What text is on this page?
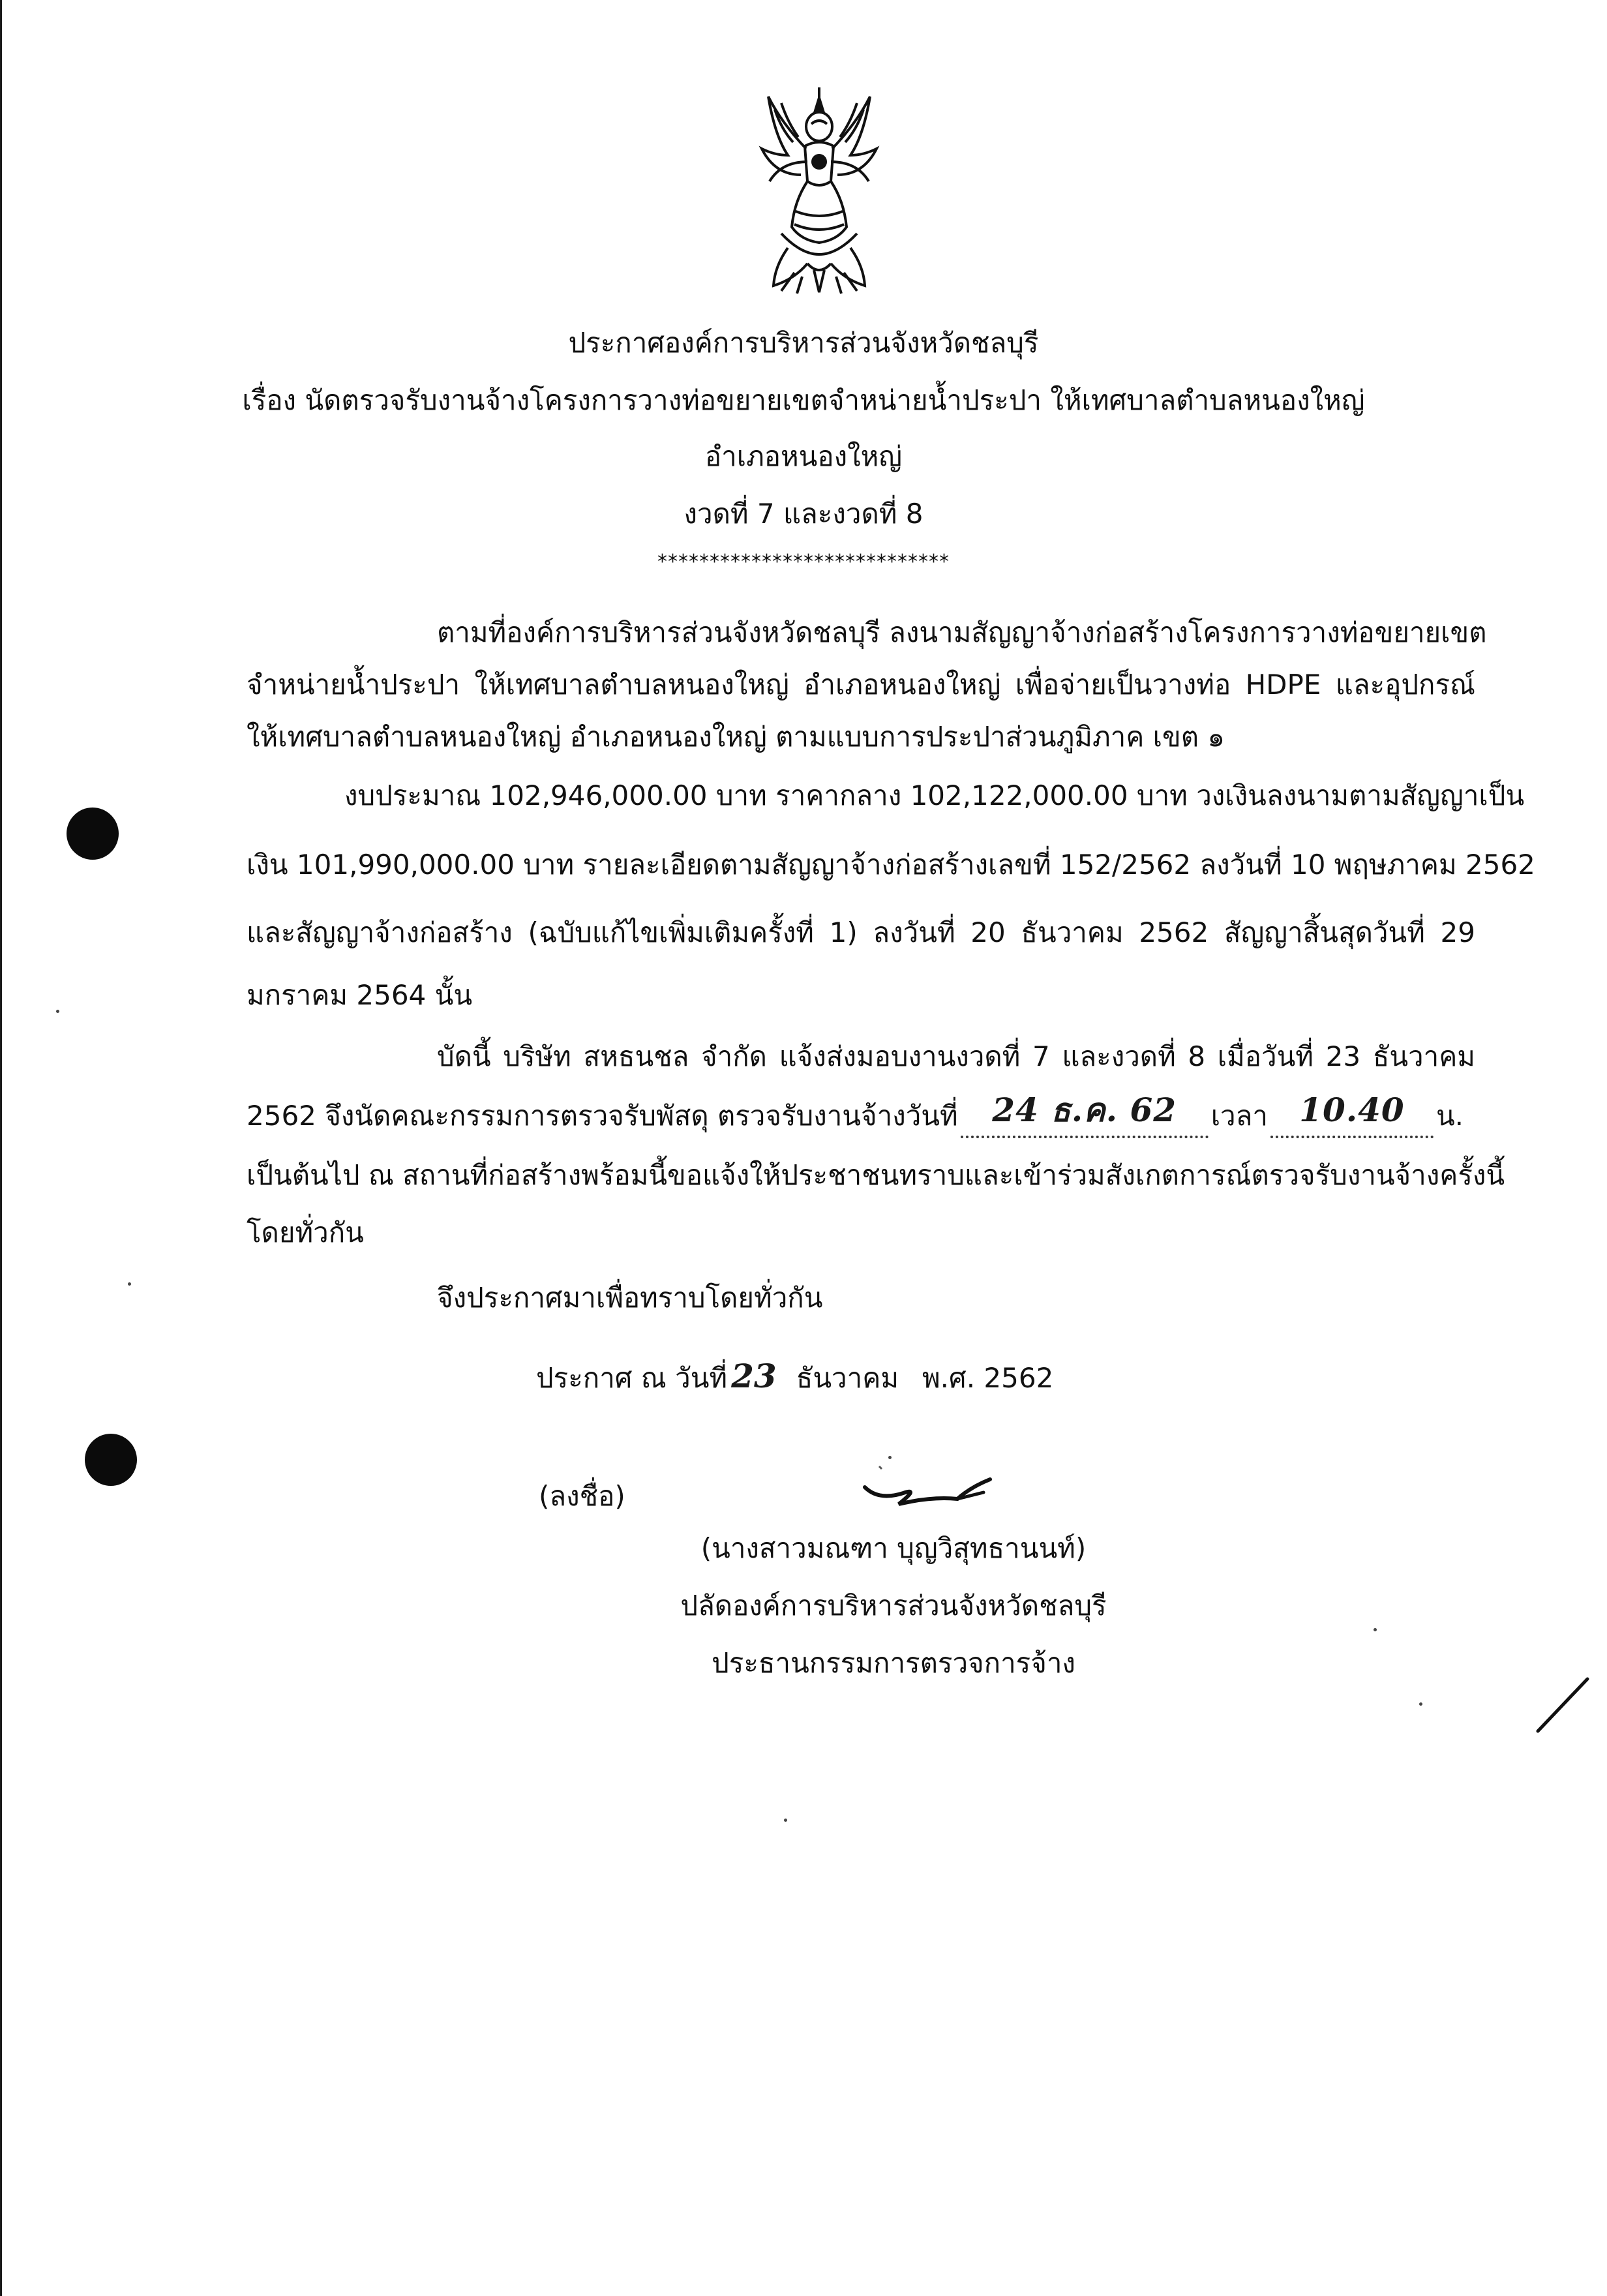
ประกาศองค์การบริหารส่วนจังหวัดชลบุรี
เรื่อง นัดตรวจรับงานจ้างโครงการวางท่อขยายเขตจำหน่ายน้ำประปา ให้เทศบาลตำบลหนองใหญ่
อำเภอหนองใหญ่
งวดที่ 7 และงวดที่ 8
****************************
ตามที่องค์การบริหารส่วนจังหวัดชลบุรี ลงนามสัญญาจ้างก่อสร้างโครงการวางท่อขยายเขต
จำหน่ายน้ำประปา ให้เทศบาลตำบลหนองใหญ่ อำเภอหนองใหญ่ เพื่อจ่ายเป็นวางท่อ HDPE และอุปกรณ์
ให้เทศบาลตำบลหนองใหญ่ อำเภอหนองใหญ่ ตามแบบการประปาส่วนภูมิภาค เขต ๑
งบประมาณ 102,946,000.00 บาท ราคากลาง 102,122,000.00 บาท วงเงินลงนามตามสัญญาเป็น
เงิน 101,990,000.00 บาท รายละเอียดตามสัญญาจ้างก่อสร้างเลขที่ 152/2562 ลงวันที่ 10 พฤษภาคม 2562
และสัญญาจ้างก่อสร้าง (ฉบับแก้ไขเพิ่มเติมครั้งที่ 1) ลงวันที่ 20 ธันวาคม 2562 สัญญาสิ้นสุดวันที่ 29
มกราคม 2564 นั้น
บัดนี้ บริษัท สหธนชล จำกัด แจ้งส่งมอบงานงวดที่ 7 และงวดที่ 8 เมื่อวันที่ 23 ธันวาคม
2562 จึงนัดคณะกรรมการตรวจรับพัสดุ ตรวจรับงานจ้างวันที่	24 ธ.ค. 62	เวลา 10.40	น.
เป็นต้นไป ณ สถานที่ก่อสร้างพร้อมนี้ขอแจ้งให้ประชาชนทราบและเข้าร่วมสังเกตการณ์ตรวจรับงานจ้างครั้งนี้
โดยทั่วกัน
จึงประกาศมาเพื่อทราบโดยทั่วกัน
ประกาศ ณ วันที่ 23 ธันวาคม พ.ศ. 2562
(ลงชื่อ)
(นางสาวมณฑา บุญวิสุทธานนท์)
ปลัดองค์การบริหารส่วนจังหวัดชลบุรี
ประธานกรรมการตรวจการจ้าง
